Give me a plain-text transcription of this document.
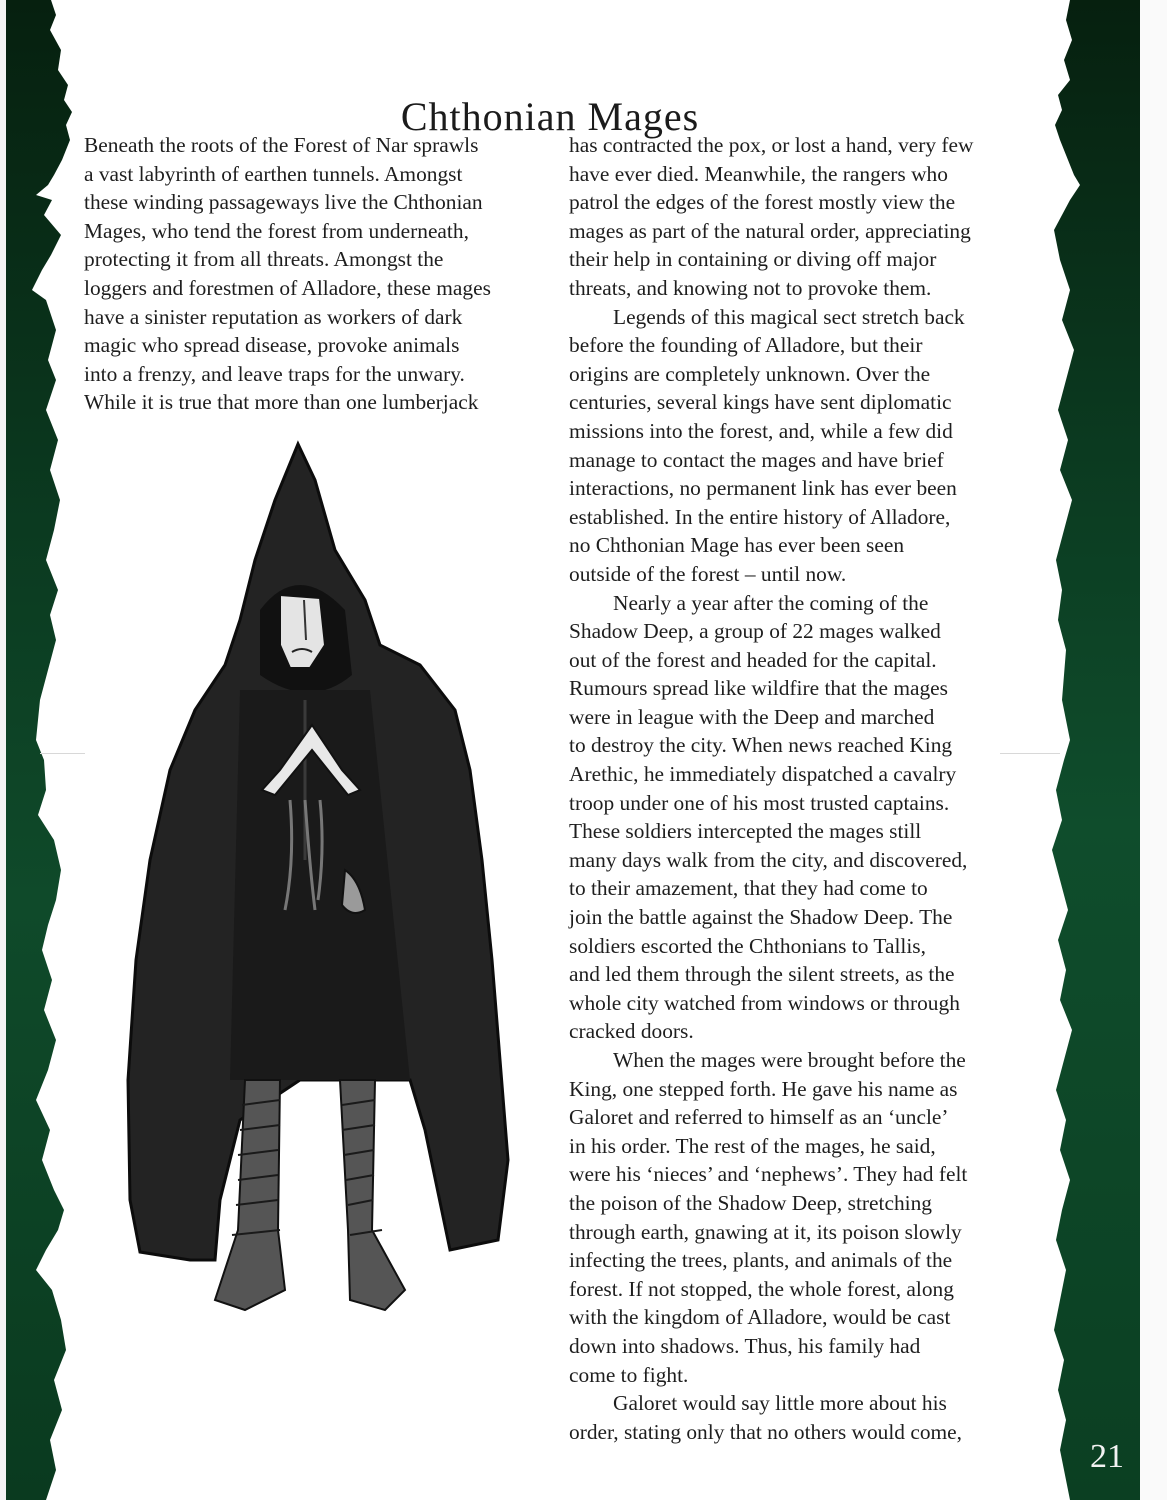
Chthonian Mages
Beneath the roots of the Forest of Nar sprawls
a vast labyrinth of earthen tunnels. Amongst
these winding passageways live the Chthonian
Mages, who tend the forest from underneath,
protecting it from all threats. Amongst the
loggers and forestmen of Alladore, these mages
have a sinister reputation as workers of dark
magic who spread disease, provoke animals
into a frenzy, and leave traps for the unwary.
While it is true that more than one lumberjack
has contracted the pox, or lost a hand, very few
have ever died. Meanwhile, the rangers who
patrol the edges of the forest mostly view the
mages as part of the natural order, appreciating
their help in containing or diving off major
threats, and knowing not to provoke them.
Legends of this magical sect stretch back
before the founding of Alladore, but their
origins are completely unknown. Over the
centuries, several kings have sent diplomatic
missions into the forest, and, while a few did
manage to contact the mages and have brief
interactions, no permanent link has ever been
established. In the entire history of Alladore,
no Chthonian Mage has ever been seen
outside of the forest – until now.
Nearly a year after the coming of the
Shadow Deep, a group of 22 mages walked
out of the forest and headed for the capital.
Rumours spread like wildfire that the mages
were in league with the Deep and marched
to destroy the city. When news reached King
Arethic, he immediately dispatched a cavalry
troop under one of his most trusted captains.
These soldiers intercepted the mages still
many days walk from the city, and discovered,
to their amazement, that they had come to
join the battle against the Shadow Deep. The
soldiers escorted the Chthonians to Tallis,
and led them through the silent streets, as the
whole city watched from windows or through
cracked doors.
When the mages were brought before the
King, one stepped forth. He gave his name as
Galoret and referred to himself as an ‘uncle’
in his order. The rest of the mages, he said,
were his ‘nieces’ and ‘nephews’. They had felt
the poison of the Shadow Deep, stretching
through earth, gnawing at it, its poison slowly
infecting the trees, plants, and animals of the
forest. If not stopped, the whole forest, along
with the kingdom of Alladore, would be cast
down into shadows. Thus, his family had
come to fight.
Galoret would say little more about his
order, stating only that no others would come,
21
